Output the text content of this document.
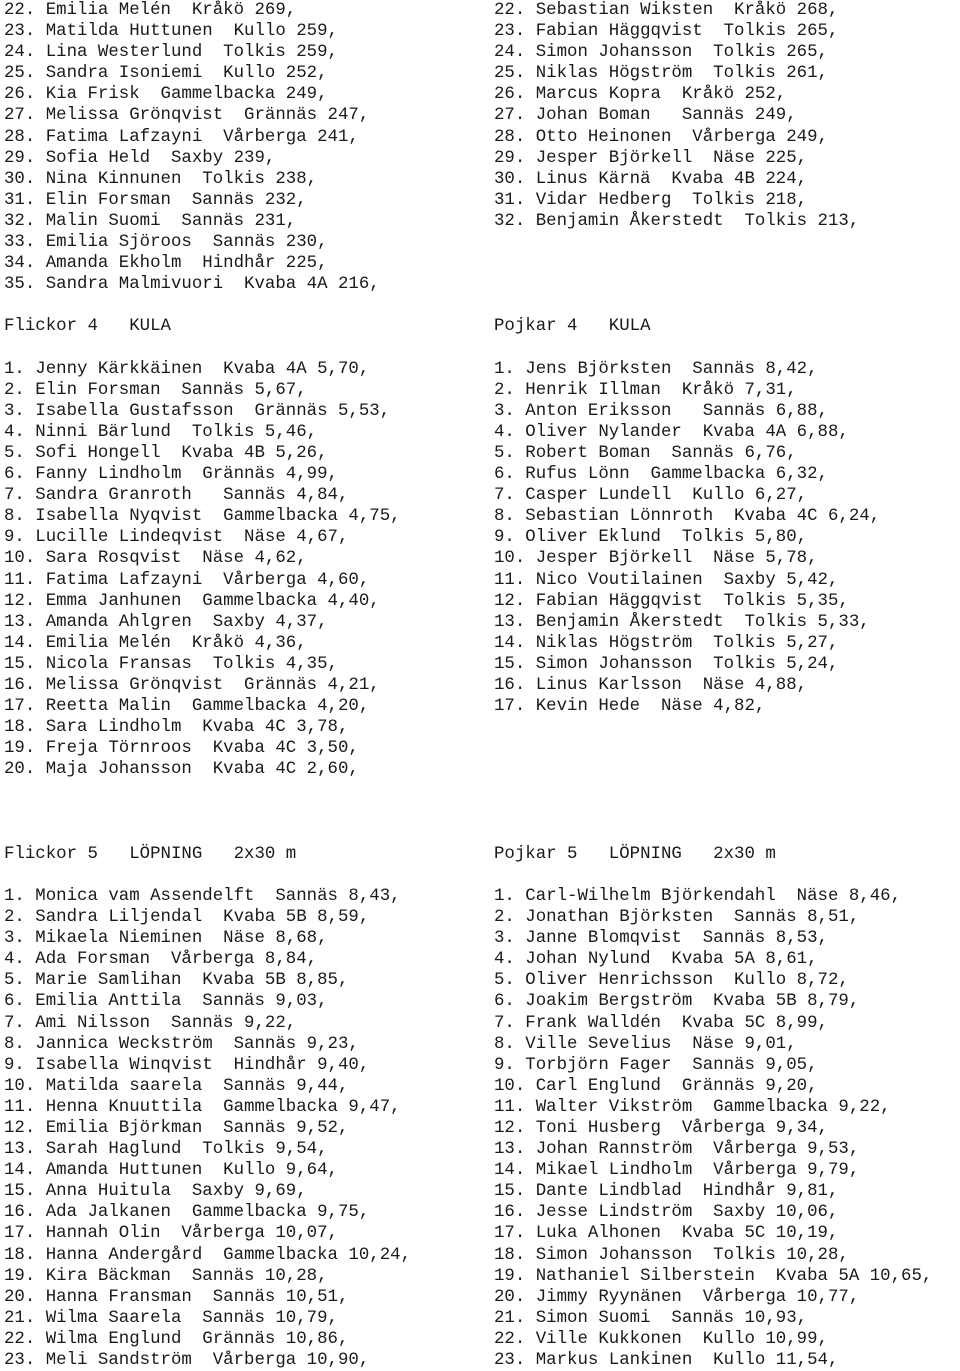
22. Emilia Melén  Kråkö 269,
23. Matilda Huttunen  Kullo 259,
24. Lina Westerlund  Tolkis 259,
25. Sandra Isoniemi  Kullo 252,
26. Kia Frisk  Gammelbacka 249,
27. Melissa Grönqvist  Grännäs 247,
28. Fatima Lafzayni  Vårberga 241,
29. Sofia Held  Saxby 239,
30. Nina Kinnunen  Tolkis 238,
31. Elin Forsman  Sannäs 232,
32. Malin Suomi  Sannäs 231,
33. Emilia Sjöroos  Sannäs 230,
34. Amanda Ekholm  Hindhår 225,
35. Sandra Malmivuori  Kvaba 4A 216,
Flickor 4   KULA
1. Jenny Kärkkäinen  Kvaba 4A 5,70,
2. Elin Forsman  Sannäs 5,67,
3. Isabella Gustafsson  Grännäs 5,53,
4. Ninni Bärlund  Tolkis 5,46,
5. Sofi Hongell  Kvaba 4B 5,26,
6. Fanny Lindholm  Grännäs 4,99,
7. Sandra Granroth   Sannäs 4,84,
8. Isabella Nyqvist  Gammelbacka 4,75,
9. Lucille Lindeqvist  Näse 4,67,
10. Sara Rosqvist  Näse 4,62,
11. Fatima Lafzayni  Vårberga 4,60,
12. Emma Janhunen  Gammelbacka 4,40,
13. Amanda Ahlgren  Saxby 4,37,
14. Emilia Melén  Kråkö 4,36,
15. Nicola Fransas  Tolkis 4,35,
16. Melissa Grönqvist  Grännäs 4,21,
17. Reetta Malin  Gammelbacka 4,20,
18. Sara Lindholm  Kvaba 4C 3,78,
19. Freja Törnroos  Kvaba 4C 3,50,
20. Maja Johansson  Kvaba 4C 2,60,
Flickor 5   LÖPNING   2x30 m
1. Monica vam Assendelft  Sannäs 8,43,
2. Sandra Liljendal  Kvaba 5B 8,59,
3. Mikaela Nieminen  Näse 8,68,
4. Ada Forsman  Vårberga 8,84,
5. Marie Samlihan  Kvaba 5B 8,85,
6. Emilia Anttila  Sannäs 9,03,
7. Ami Nilsson  Sannäs 9,22,
8. Jannica Weckström  Sannäs 9,23,
9. Isabella Winqvist  Hindhår 9,40,
10. Matilda saarela  Sannäs 9,44,
11. Henna Knuuttila  Gammelbacka 9,47,
12. Emilia Björkman  Sannäs 9,52,
13. Sarah Haglund  Tolkis 9,54,
14. Amanda Huttunen  Kullo 9,64,
15. Anna Huitula  Saxby 9,69,
16. Ada Jalkanen  Gammelbacka 9,75,
17. Hannah Olin  Vårberga 10,07,
18. Hanna Andergård  Gammelbacka 10,24,
19. Kira Bäckman  Sannäs 10,28,
20. Hanna Fransman  Sannäs 10,51,
21. Wilma Saarela  Sannäs 10,79,
22. Wilma Englund  Grännäs 10,86,
23. Meli Sandström  Vårberga 10,90,
22. Sebastian Wiksten  Kråkö 268,
23. Fabian Häggqvist  Tolkis 265,
24. Simon Johansson  Tolkis 265,
25. Niklas Högström  Tolkis 261,
26. Marcus Kopra  Kråkö 252,
27. Johan Boman   Sannäs 249,
28. Otto Heinonen  Vårberga 249,
29. Jesper Björkell  Näse 225,
30. Linus Kärnä  Kvaba 4B 224,
31. Vidar Hedberg  Tolkis 218,
32. Benjamin Åkerstedt  Tolkis 213,
Pojkar 4   KULA
1. Jens Björksten  Sannäs 8,42,
2. Henrik Illman  Kråkö 7,31,
3. Anton Eriksson   Sannäs 6,88,
4. Oliver Nylander  Kvaba 4A 6,88,
5. Robert Boman  Sannäs 6,76,
6. Rufus Lönn  Gammelbacka 6,32,
7. Casper Lundell  Kullo 6,27,
8. Sebastian Lönnroth  Kvaba 4C 6,24,
9. Oliver Eklund  Tolkis 5,80,
10. Jesper Björkell  Näse 5,78,
11. Nico Voutilainen  Saxby 5,42,
12. Fabian Häggqvist  Tolkis 5,35,
13. Benjamin Åkerstedt  Tolkis 5,33,
14. Niklas Högström  Tolkis 5,27,
15. Simon Johansson  Tolkis 5,24,
16. Linus Karlsson  Näse 4,88,
17. Kevin Hede  Näse 4,82,
Pojkar 5   LÖPNING   2x30 m
1. Carl-Wilhelm Björkendahl  Näse 8,46,
2. Jonathan Björksten  Sannäs 8,51,
3. Janne Blomqvist  Sannäs 8,53,
4. Johan Nylund  Kvaba 5A 8,61,
5. Oliver Henrichsson  Kullo 8,72,
6. Joakim Bergström  Kvaba 5B 8,79,
7. Frank Walldén  Kvaba 5C 8,99,
8. Ville Sevelius  Näse 9,01,
9. Torbjörn Fager  Sannäs 9,05,
10. Carl Englund  Grännäs 9,20,
11. Walter Vikström  Gammelbacka 9,22,
12. Toni Husberg  Vårberga 9,34,
13. Johan Rannström  Vårberga 9,53,
14. Mikael Lindholm  Vårberga 9,79,
15. Dante Lindblad  Hindhår 9,81,
16. Jesse Lindström  Saxby 10,06,
17. Luka Alhonen  Kvaba 5C 10,19,
18. Simon Johansson  Tolkis 10,28,
19. Nathaniel Silberstein  Kvaba 5A 10,65,
20. Jimmy Ryynänen  Vårberga 10,77,
21. Simon Suomi  Sannäs 10,93,
22. Ville Kukkonen  Kullo 10,99,
23. Markus Lankinen  Kullo 11,54,
